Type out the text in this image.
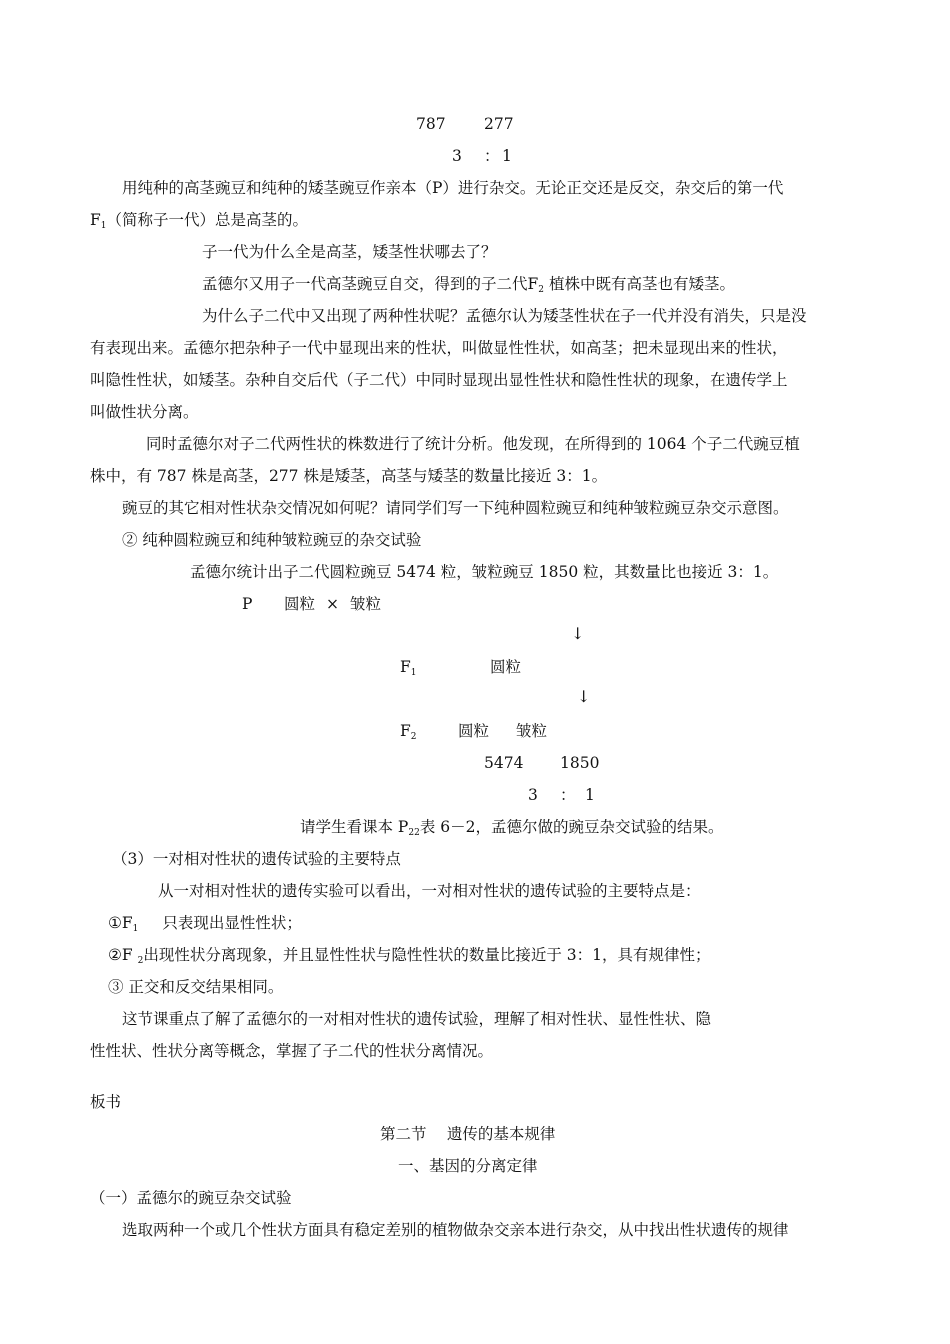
787 277
3 ： 1
用纯种的高茎豌豆和纯种的矮茎豌豆作亲本（P）进行杂交。无论正交还是反交，杂交后的第一代
$F_1$（简称子一代）总是高茎的。
子一代为什么全是高茎，矮茎性状哪去了？
孟德尔又用子一代高茎豌豆自交，得到的子二代$F_2$ 植株中既有高茎也有矮茎。
为什么子二代中又出现了两种性状呢？孟德尔认为矮茎性状在子一代并没有消失，只是没
有表现出来。孟德尔把杂种子一代中显现出来的性状，叫做显性性状，如高茎；把未显现出来的性状，
叫隐性性状，如矮茎。杂种自交后代（子二代）中同时显现出显性性状和隐性性状的现象，在遗传学上
叫做性状分离。
同时孟德尔对子二代两性状的株数进行了统计分析。他发现，在所得到的 1064 个子二代豌豆植
株中，有 787 株是高茎，277 株是矮茎，高茎与矮茎的数量比接近 3：1。
豌豆的其它相对性状杂交情况如何呢？请同学们写一下纯种圆粒豌豆和纯种皱粒豌豆杂交示意图。
② 纯种圆粒豌豆和纯种皱粒豌豆的杂交试验
孟德尔统计出子二代圆粒豌豆 5474 粒，皱粒豌豆 1850 粒，其数量比也接近 3：1。
P 圆粒 × 皱粒
↓
$F_1$	圆粒
↓
$F_2$	圆粒 皱粒
5474 1850
3 ： 1
请学生看课本 $P_{22}$表 6－2，孟德尔做的豌豆杂交试验的结果。
（3）一对相对性状的遗传试验的主要特点
从一对相对性状的遗传实验可以看出，一对相对性状的遗传试验的主要特点是：
$①F_1$ 只表现出显性性状；
②F $_2$出现性状分离现象，并且显性性状与隐性性状的数量比接近于 3：1，具有规律性；
③ 正交和反交结果相同。
这节课重点了解了孟德尔的一对相对性状的遗传试验，理解了相对性状、显性性状、隐
性性状、性状分离等概念，掌握了子二代的性状分离情况。
板书
第二节　 遗传的基本规律
一、基因的分离定律
（一）孟德尔的豌豆杂交试验
选取两种一个或几个性状方面具有稳定差别的植物做杂交亲本进行杂交，从中找出性状遗传的规律
